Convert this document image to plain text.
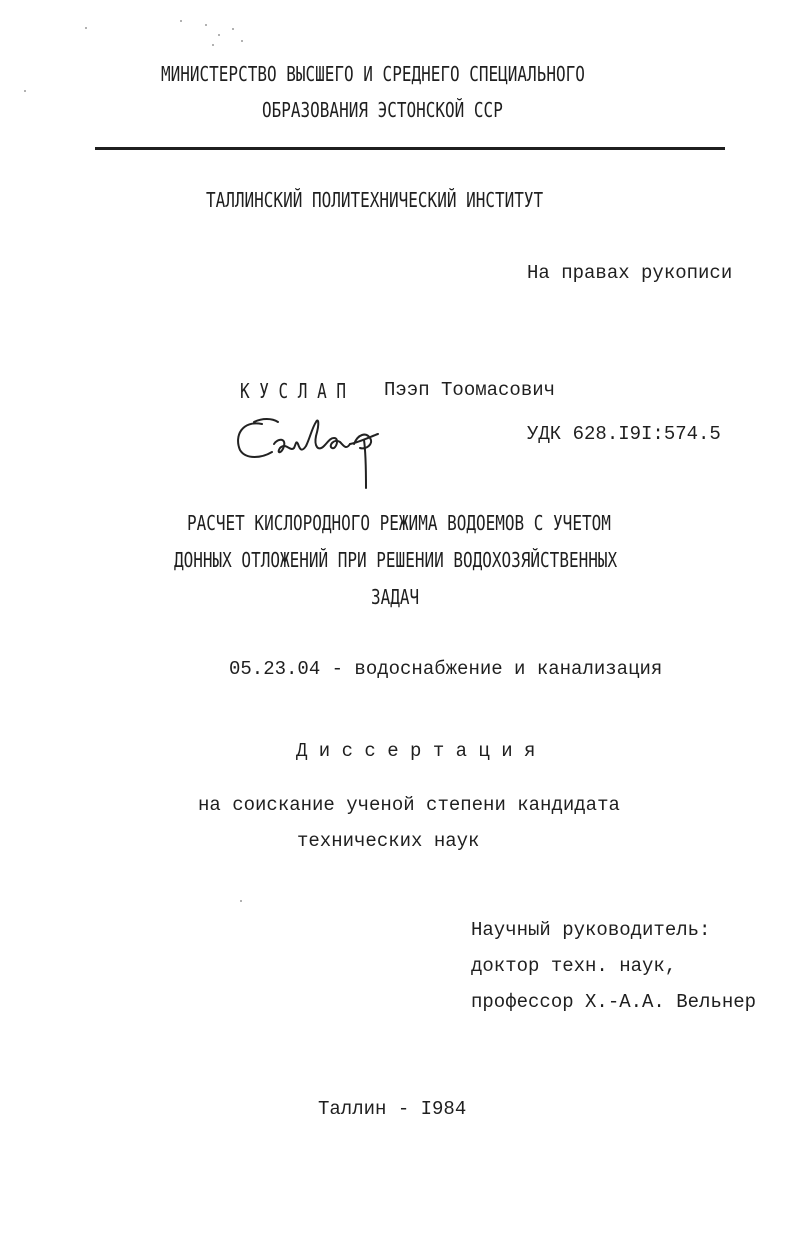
МИНИСТЕРСТВО ВЫСШЕГО И СРЕДНЕГО СПЕЦИАЛЬНОГО
ОБРАЗОВАНИЯ ЭСТОНСКОЙ ССР
ТАЛЛИНСКИЙ ПОЛИТЕХНИЧЕСКИЙ ИНСТИТУТ
На правах рукописи
К У С Л А П Пээп Тоомасович
УДК 628.I9I:574.5
РАСЧЕТ КИСЛОРОДНОГО РЕЖИМА ВОДОЕМОВ С УЧЕТОМ
ДОННЫХ ОТЛОЖЕНИЙ ПРИ РЕШЕНИИ ВОДОХОЗЯЙСТВЕННЫХ
ЗАДАЧ
05.23.04 - водоснабжение и канализация
Д и с с е р т а ц и я
на соискание ученой степени кандидата
технических наук
Научный руководитель:
доктор техн. наук,
профессор Х.-А.А. Вельнер
Таллин - I984
